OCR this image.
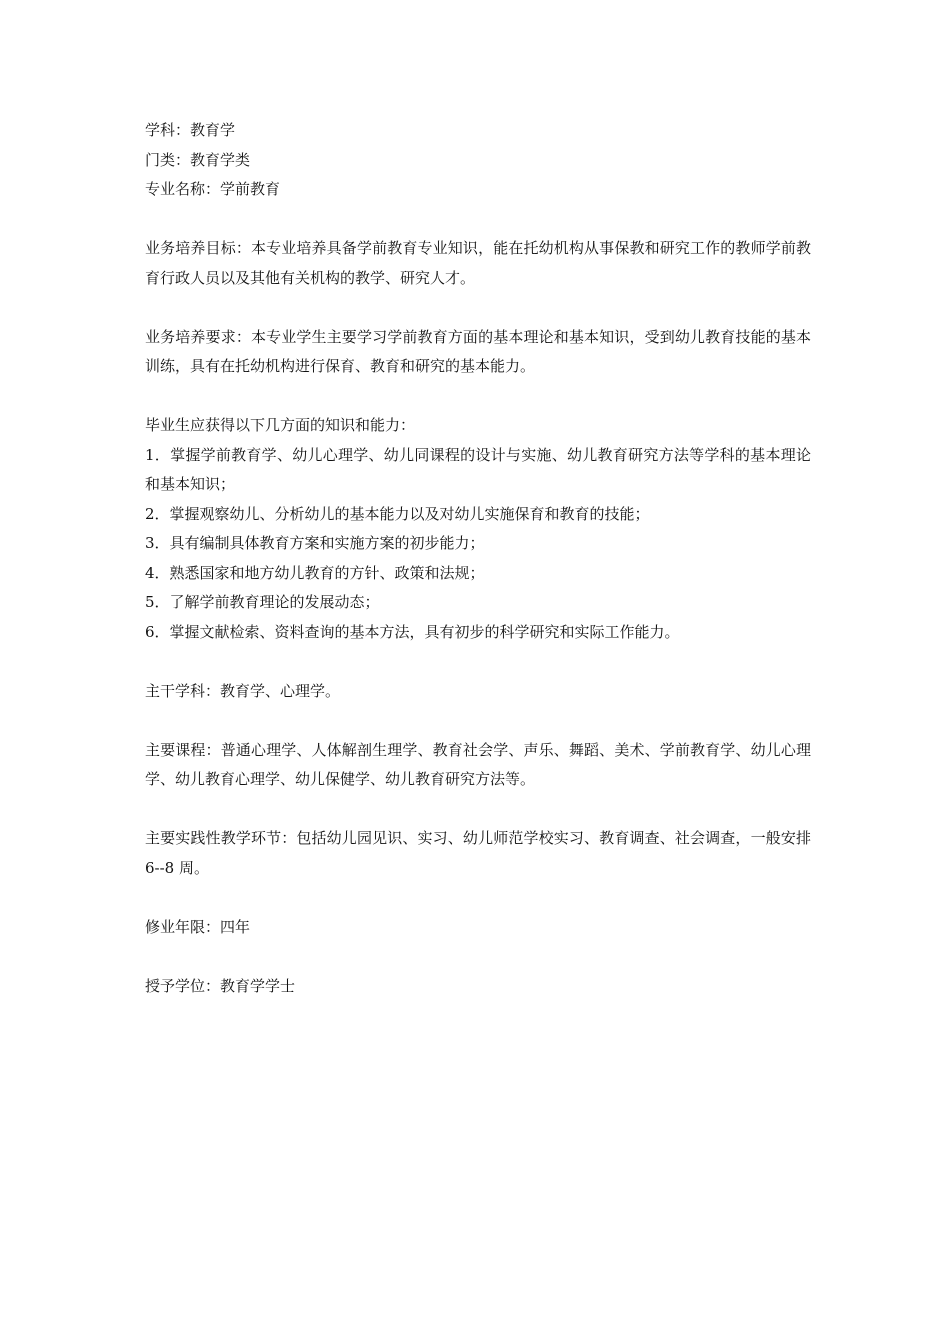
学科：教育学
门类：教育学类
专业名称：学前教育
业务培养目标：本专业培养具备学前教育专业知识，能在托幼机构从事保教和研究工作的教师学前教育行政人员以及其他有关机构的教学、研究人才。
业务培养要求：本专业学生主要学习学前教育方面的基本理论和基本知识，受到幼儿教育技能的基本训练，具有在托幼机构进行保育、教育和研究的基本能力。
毕业生应获得以下几方面的知识和能力：
1．掌握学前教育学、幼儿心理学、幼儿同课程的设计与实施、幼儿教育研究方法等学科的基本理论和基本知识；
2．掌握观察幼儿、分析幼儿的基本能力以及对幼儿实施保育和教育的技能；
3．具有编制具体教育方案和实施方案的初步能力；
4．熟悉国家和地方幼儿教育的方针、政策和法规；
5．了解学前教育理论的发展动态；
6．掌握文献检索、资料查询的基本方法，具有初步的科学研究和实际工作能力。
主干学科：教育学、心理学。
主要课程：普通心理学、人体解剖生理学、教育社会学、声乐、舞蹈、美术、学前教育学、幼儿心理学、幼儿教育心理学、幼儿保健学、幼儿教育研究方法等。
主要实践性教学环节：包括幼儿园见识、实习、幼儿师范学校实习、教育调查、社会调查，一般安排 6--8 周。
修业年限：四年
授予学位：教育学学士
